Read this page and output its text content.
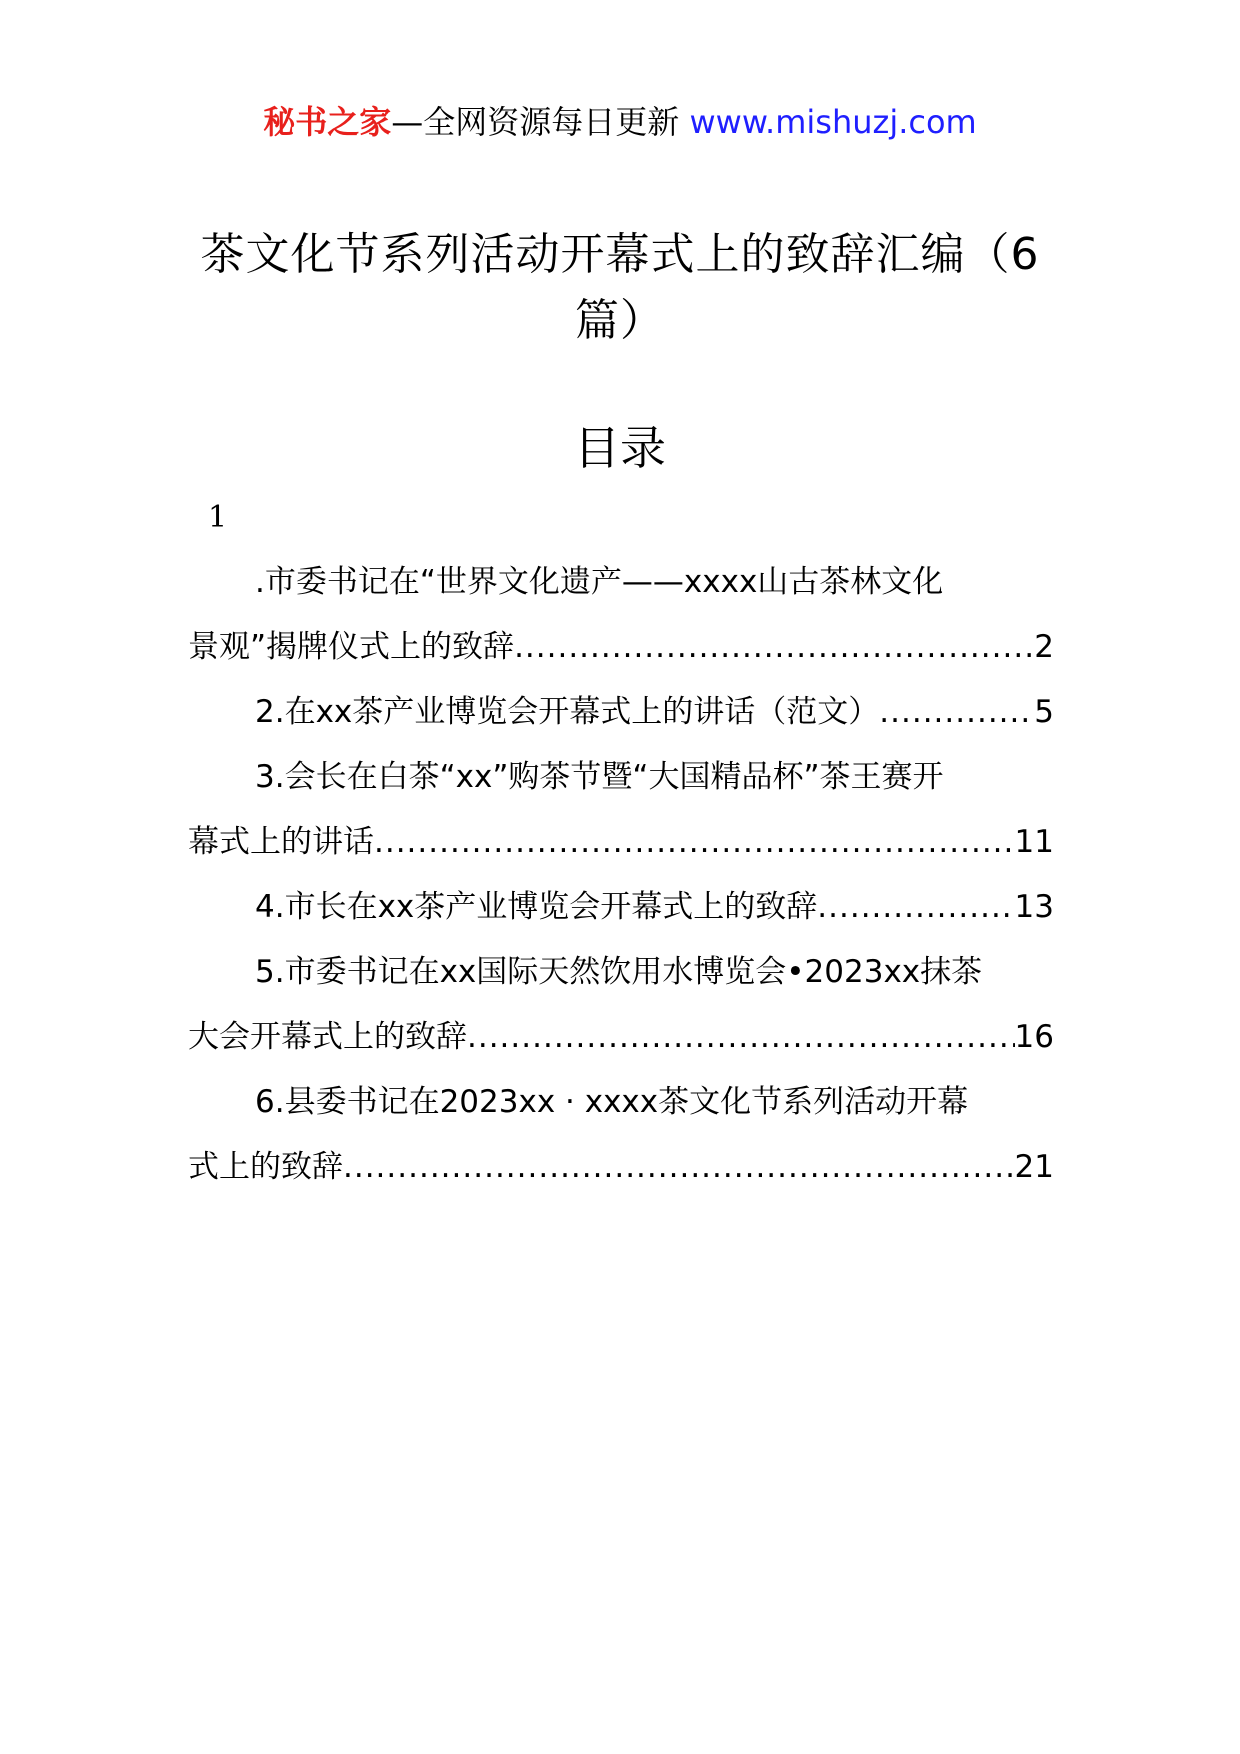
秘书之家—全网资源每日更新 www.mishuzj.com
茶文化节系列活动开幕式上的致辞汇编（6篇）
目录
1
.市委书记在“世界文化遗产——xxxx山古茶林文化
景观”揭牌仪式上的致辞 .....	2
2.在xx茶产业博览会开幕式上的讲话（范文） .....	5
3.会长在白茶“xx”购茶节暨“大国精品杯”茶王赛开
幕式上的讲话 .....	11
4.市长在xx茶产业博览会开幕式上的致辞 .....	13
5.市委书记在xx国际天然饮用水博览会•2023xx抹茶
大会开幕式上的致辞 .....	16
6.县委书记在2023xx · xxxx茶文化节系列活动开幕
式上的致辞 .....	21
